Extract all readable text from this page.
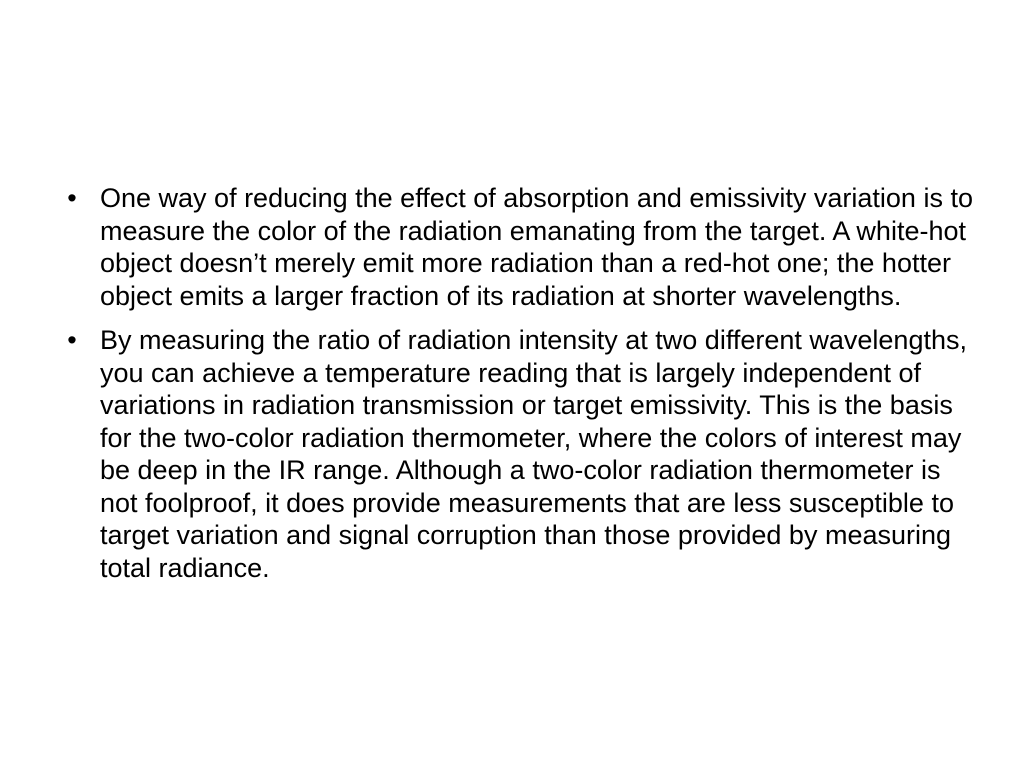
• One way of reducing the effect of absorption and emissivity variation is to measure the color of the radiation emanating from the target. A white-hot object doesn’t merely emit more radiation than a red-hot one; the hotter object emits a larger fraction of its radiation at shorter wavelengths.
• By measuring the ratio of radiation intensity at two different wavelengths, you can achieve a temperature reading that is largely independent of variations in radiation transmission or target emissivity. This is the basis for the two-color radiation thermometer, where the colors of interest may be deep in the IR range. Although a two-color radiation thermometer is not foolproof, it does provide measurements that are less susceptible to target variation and signal corruption than those provided by measuring total radiance.
